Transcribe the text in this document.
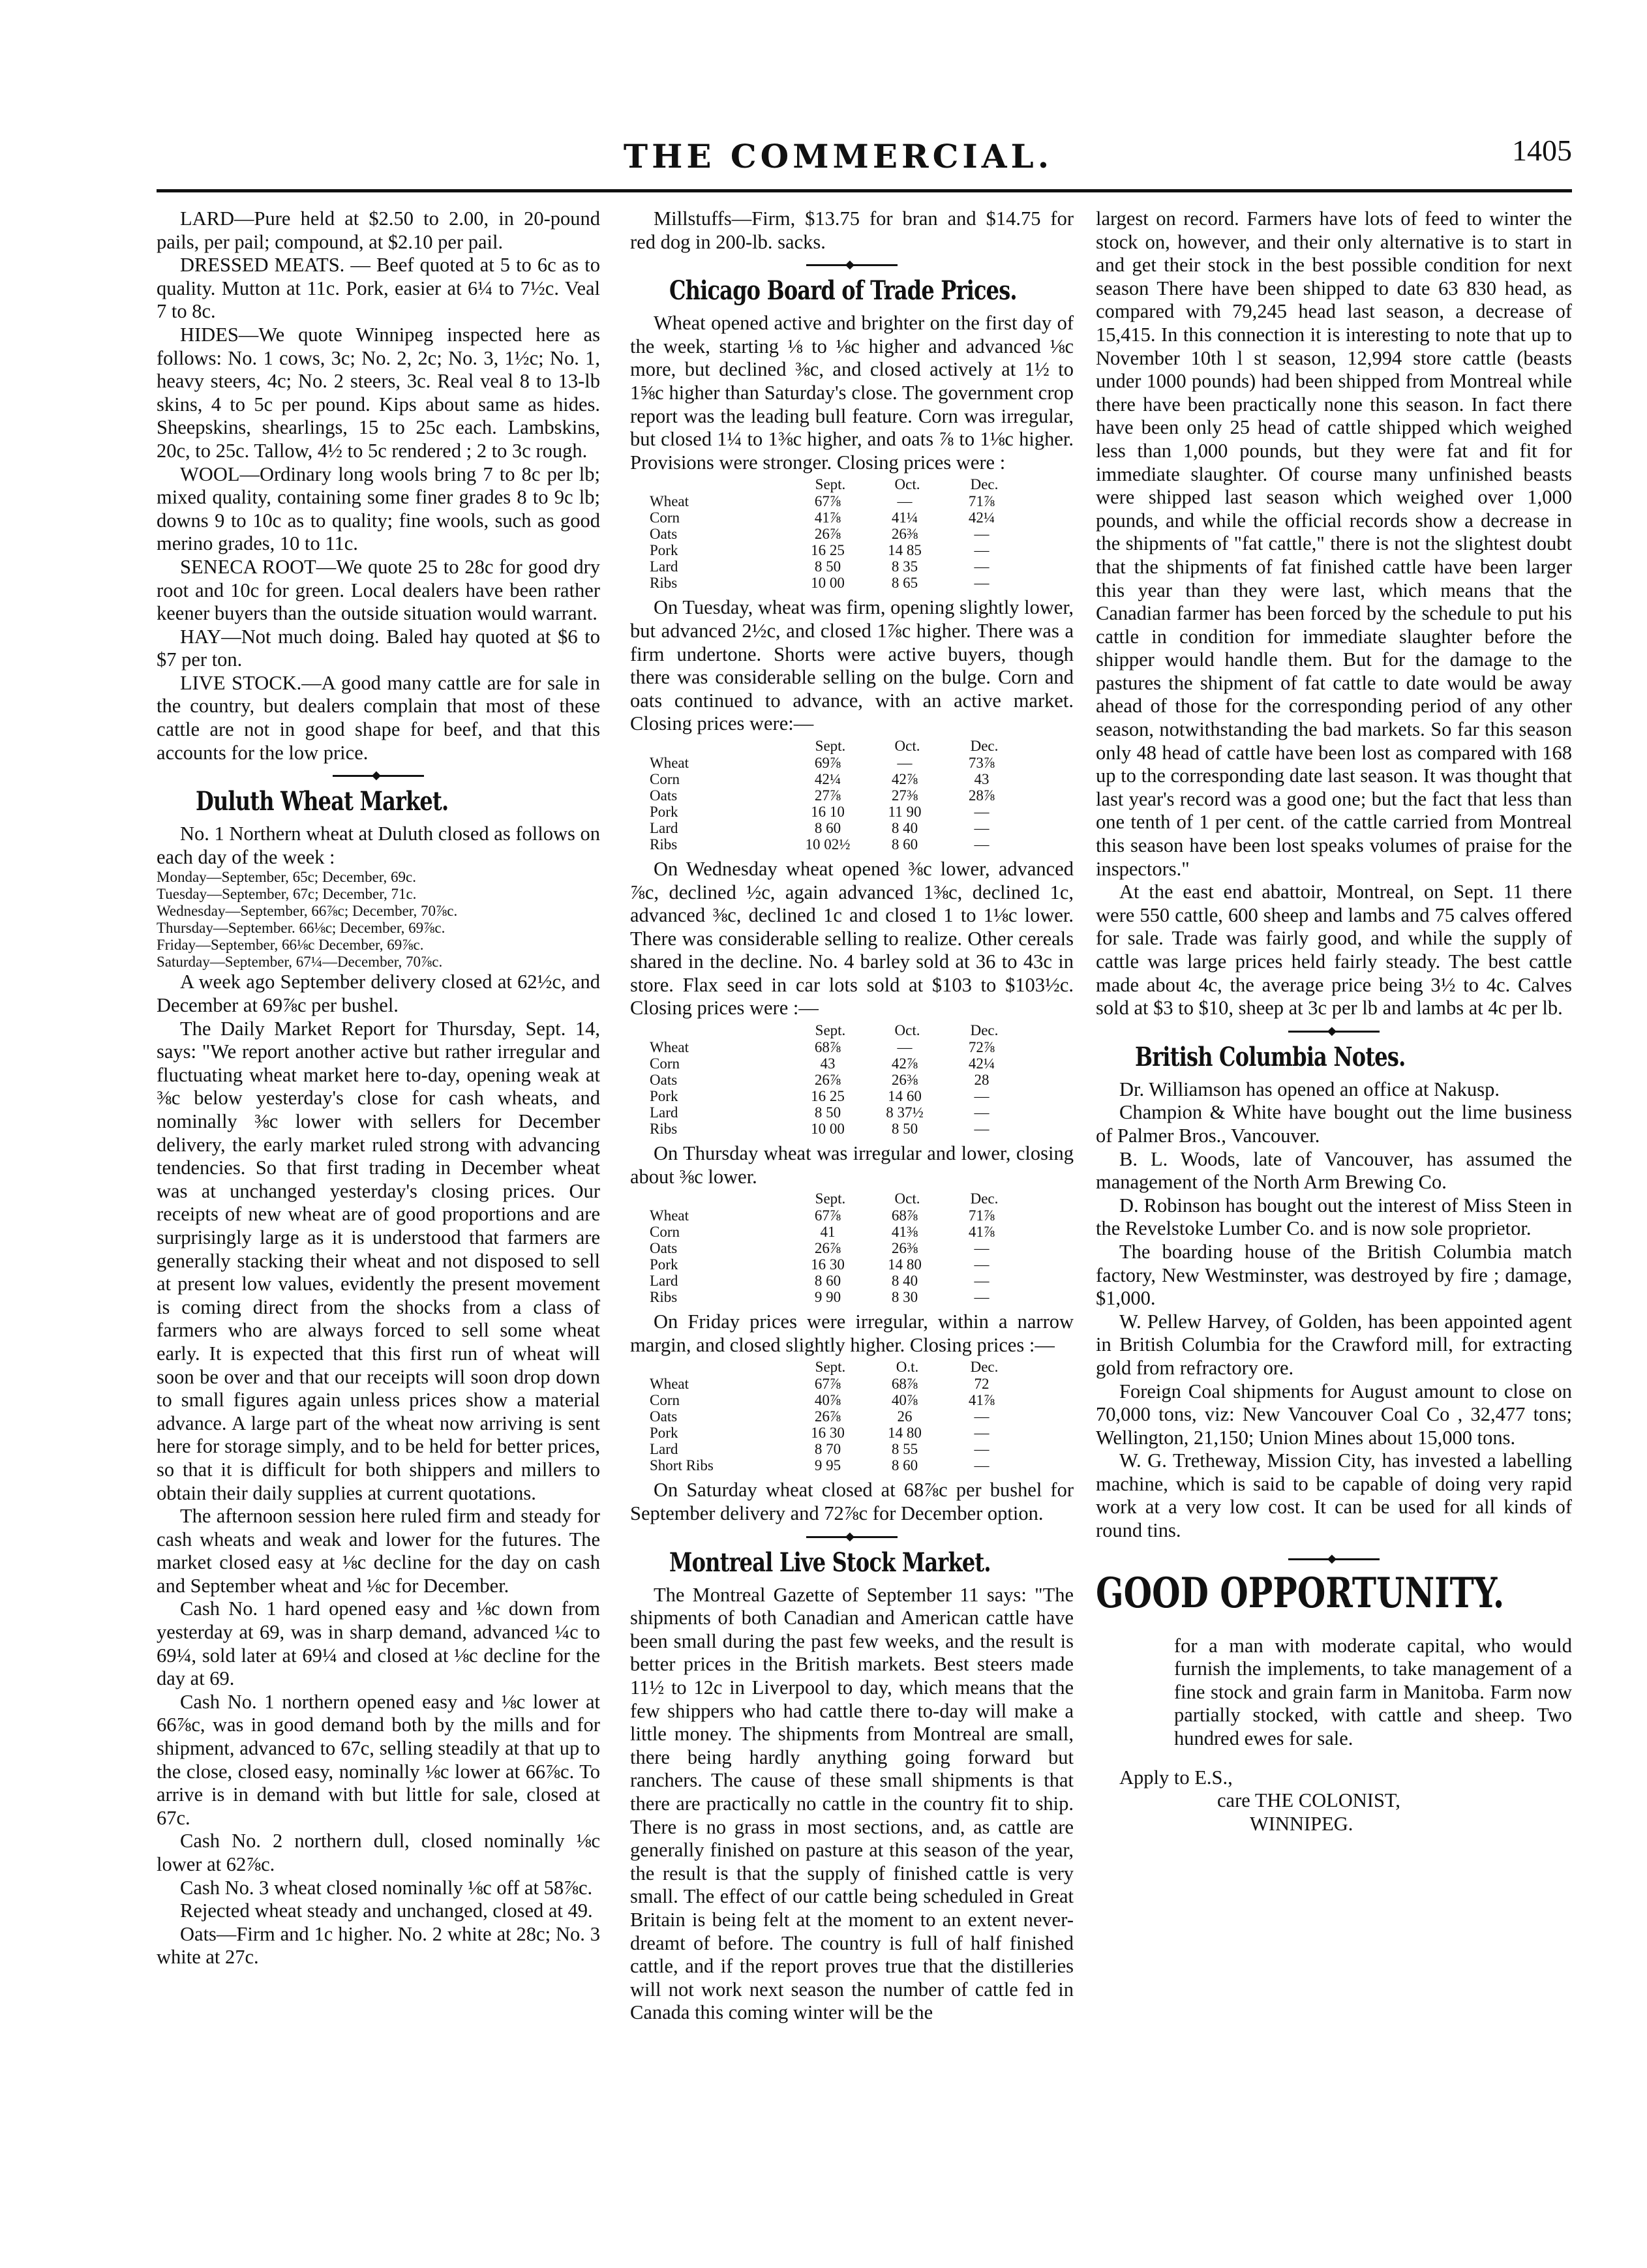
THE COMMERCIAL.	1405

LARD—Pure held at $2.50 to 2.00, in 20-pound pails, per pail; compound, at $2.10 per pail.

DRESSED MEATS. — Beef quoted at 5 to 6c as to quality. Mutton at 11c. Pork, easier at 6¼ to 7½c. Veal 7 to 8c.

HIDES—We quote Winnipeg inspected here as follows: No. 1 cows, 3c; No. 2, 2c; No. 3, 1½c; No. 1, heavy steers, 4c; No. 2 steers, 3c. Real veal 8 to 13-lb skins, 4 to 5c per pound. Kips about same as hides. Sheepskins, shearlings, 15 to 25c each. Lambskins, 20c, to 25c. Tallow, 4½ to 5c rendered ; 2 to 3c rough.

WOOL—Ordinary long wools bring 7 to 8c per lb; mixed quality, containing some finer grades 8 to 9c lb; downs 9 to 10c as to quality; fine wools, such as good merino grades, 10 to 11c.

SENECA ROOT—We quote 25 to 28c for good dry root and 10c for green. Local dealers have been rather keener buyers than the outside situation would warrant.

HAY—Not much doing. Baled hay quoted at $6 to $7 per ton.

LIVE STOCK.—A good many cattle are for sale in the country, but dealers complain that most of these cattle are not in good shape for beef, and that this accounts for the low price.

◆
Duluth Wheat Market.

No. 1 Northern wheat at Duluth closed as follows on each day of the week :

Monday—September, 65c; December, 69c.

Tuesday—September, 67c; December, 71c.

Wednesday—September, 66⅞c; December, 70⅞c.

Thursday—September. 66⅛c; December, 69⅞c.

Friday—September, 66⅛c December, 69⅞c.

Saturday—September, 67¼—December, 70⅞c.

A week ago September delivery closed at 62½c, and December at 69⅞c per bushel.

The Daily Market Report for Thursday, Sept. 14, says: "We report another active but rather irregular and fluctuating wheat market here to-day, opening weak at ⅜c below yesterday's close for cash wheats, and nominally ⅜c lower with sellers for December delivery, the early market ruled strong with advancing tendencies. So that first trading in December wheat was at unchanged yesterday's closing prices. Our receipts of new wheat are of good proportions and are surprisingly large as it is understood that farmers are generally stacking their wheat and not disposed to sell at present low values, evidently the present movement is coming direct from the shocks from a class of farmers who are always forced to sell some wheat early. It is expected that this first run of wheat will soon be over and that our receipts will soon drop down to small figures again unless prices show a material advance. A large part of the wheat now arriving is sent here for storage simply, and to be held for better prices, so that it is difficult for both shippers and millers to obtain their daily supplies at current quotations.

The afternoon session here ruled firm and steady for cash wheats and weak and lower for the futures. The market closed easy at ⅛c decline for the day on cash and September wheat and ⅛c for December.

Cash No. 1 hard opened easy and ⅛c down from yesterday at 69, was in sharp demand, advanced ¼c to 69¼, sold later at 69¼ and closed at ⅛c decline for the day at 69.

Cash No. 1 northern opened easy and ⅛c lower at 66⅞c, was in good demand both by the mills and for shipment, advanced to 67c, selling steadily at that up to the close, closed easy, nominally ⅛c lower at 66⅞c. To arrive is in demand with but little for sale, closed at 67c.

Cash No. 2 northern dull, closed nominally ⅛c lower at 62⅞c.

Cash No. 3 wheat closed nominally ⅛c off at 58⅞c.

Rejected wheat steady and unchanged, closed at 49.

Oats—Firm and 1c higher. No. 2 white at 28c; No. 3 white at 27c.

Millstuffs—Firm, $13.75 for bran and $14.75 for red dog in 200-lb. sacks.

◆
Chicago Board of Trade Prices.

Wheat opened active and brighter on the first day of the week, starting ⅛ to ⅛c higher and advanced ⅛c more, but declined ⅜c, and closed actively at 1½ to 1⅝c higher than Saturday's close. The government crop report was the leading bull feature. Corn was irregular, but closed 1¼ to 1⅜c higher, and oats ⅞ to 1⅛c higher. Provisions were stronger. Closing prices were :

	Sept.	Oct.	Dec.
Wheat	67⅞	—	71⅞
Corn	41⅞	41¼	42¼
Oats	26⅞	26⅜	—
Pork	16 25	14 85	—
Lard	8 50	8 35	—
Ribs	10 00	8 65	—

On Tuesday, wheat was firm, opening slightly lower, but advanced 2½c, and closed 1⅞c higher. There was a firm undertone. Shorts were active buyers, though there was considerable selling on the bulge. Corn and oats continued to advance, with an active market. Closing prices were:—

	Sept.	Oct.	Dec.
Wheat	69⅞	—	73⅞
Corn	42¼	42⅞	43
Oats	27⅞	27⅜	28⅞
Pork	16 10	11 90	—
Lard	8 60	8 40	—
Ribs	10 02½	8 60	—

On Wednesday wheat opened ⅜c lower, advanced ⅞c, declined ½c, again advanced 1⅜c, declined 1c, advanced ⅜c, declined 1c and closed 1 to 1⅛c lower. There was considerable selling to realize. Other cereals shared in the decline. No. 4 barley sold at 36 to 43c in store. Flax seed in car lots sold at $103 to $103½c. Closing prices were :—

	Sept.	Oct.	Dec.
Wheat	68⅞	—	72⅞
Corn	43	42⅞	42¼
Oats	26⅞	26⅜	28
Pork	16 25	14 60	—
Lard	8 50	8 37½	—
Ribs	10 00	8 50	—

On Thursday wheat was irregular and lower, closing about ⅜c lower.

	Sept.	Oct.	Dec.
Wheat	67⅞	68⅞	71⅞
Corn	41	41⅜	41⅞
Oats	26⅞	26⅜	—
Pork	16 30	14 80	—
Lard	8 60	8 40	—
Ribs	9 90	8 30	—

On Friday prices were irregular, within a narrow margin, and closed slightly higher. Closing prices :—

	Sept.	O.t.	Dec.
Wheat	67⅞	68⅞	72
Corn	40⅞	40⅞	41⅞
Oats	26⅞	26	—
Pork	16 30	14 80	—
Lard	8 70	8 55	—
Short Ribs	9 95	8 60	—

On Saturday wheat closed at 68⅞c per bushel for September delivery and 72⅞c for December option.

◆
Montreal Live Stock Market.

The Montreal Gazette of September 11 says: "The shipments of both Canadian and American cattle have been small during the past few weeks, and the result is better prices in the British markets. Best steers made 11½ to 12c in Liverpool to day, which means that the few shippers who had cattle there to-day will make a little money. The shipments from Montreal are small, there being hardly anything going forward but ranchers. The cause of these small shipments is that there are practically no cattle in the country fit to ship. There is no grass in most sections, and, as cattle are generally finished on pasture at this season of the year, the result is that the supply of finished cattle is very small. The effect of our cattle being scheduled in Great Britain is being felt at the moment to an extent never-dreamt of before. The country is full of half finished cattle, and if the report proves true that the distilleries will not work next season the number of cattle fed in Canada this coming winter will be the

largest on record. Farmers have lots of feed to winter the stock on, however, and their only alternative is to start in and get their stock in the best possible condition for next season There have been shipped to date 63 830 head, as compared with 79,245 head last season, a decrease of 15,415. In this connection it is interesting to note that up to November 10th l st season, 12,994 store cattle (beasts under 1000 pounds) had been shipped from Montreal while there have been practically none this season. In fact there have been only 25 head of cattle shipped which weighed less than 1,000 pounds, but they were fat and fit for immediate slaughter. Of course many unfinished beasts were shipped last season which weighed over 1,000 pounds, and while the official records show a decrease in the shipments of "fat cattle," there is not the slightest doubt that the shipments of fat finished cattle have been larger this year than they were last, which means that the Canadian farmer has been forced by the schedule to put his cattle in condition for immediate slaughter before the shipper would handle them. But for the damage to the pastures the shipment of fat cattle to date would be away ahead of those for the corresponding period of any other season, notwithstanding the bad markets. So far this season only 48 head of cattle have been lost as compared with 168 up to the corresponding date last season. It was thought that last year's record was a good one; but the fact that less than one tenth of 1 per cent. of the cattle carried from Montreal this season have been lost speaks volumes of praise for the inspectors."

At the east end abattoir, Montreal, on Sept. 11 there were 550 cattle, 600 sheep and lambs and 75 calves offered for sale. Trade was fairly good, and while the supply of cattle was large prices held fairly steady. The best cattle made about 4c, the average price being 3½ to 4c. Calves sold at $3 to $10, sheep at 3c per lb and lambs at 4c per lb.

◆
British Columbia Notes.

Dr. Williamson has opened an office at Nakusp.

Champion & White have bought out the lime business of Palmer Bros., Vancouver.

B. L. Woods, late of Vancouver, has assumed the management of the North Arm Brewing Co.

D. Robinson has bought out the interest of Miss Steen in the Revelstoke Lumber Co. and is now sole proprietor.

The boarding house of the British Columbia match factory, New Westminster, was destroyed by fire ; damage, $1,000.

W. Pellew Harvey, of Golden, has been appointed agent in British Columbia for the Crawford mill, for extracting gold from refractory ore.

Foreign Coal shipments for August amount to close on 70,000 tons, viz: New Vancouver Coal Co , 32,477 tons; Wellington, 21,150; Union Mines about 15,000 tons.

W. G. Tretheway, Mission City, has invested a labelling machine, which is said to be capable of doing very rapid work at a very low cost. It can be used for all kinds of round tins.

◆
GOOD OPPORTUNITY.

for a man with moderate capital, who would furnish the implements, to take management of a fine stock and grain farm in Manitoba. Farm now partially stocked, with cattle and sheep. Two hundred ewes for sale.

Apply to E.S.,

care THE COLONIST,

WINNIPEG.
